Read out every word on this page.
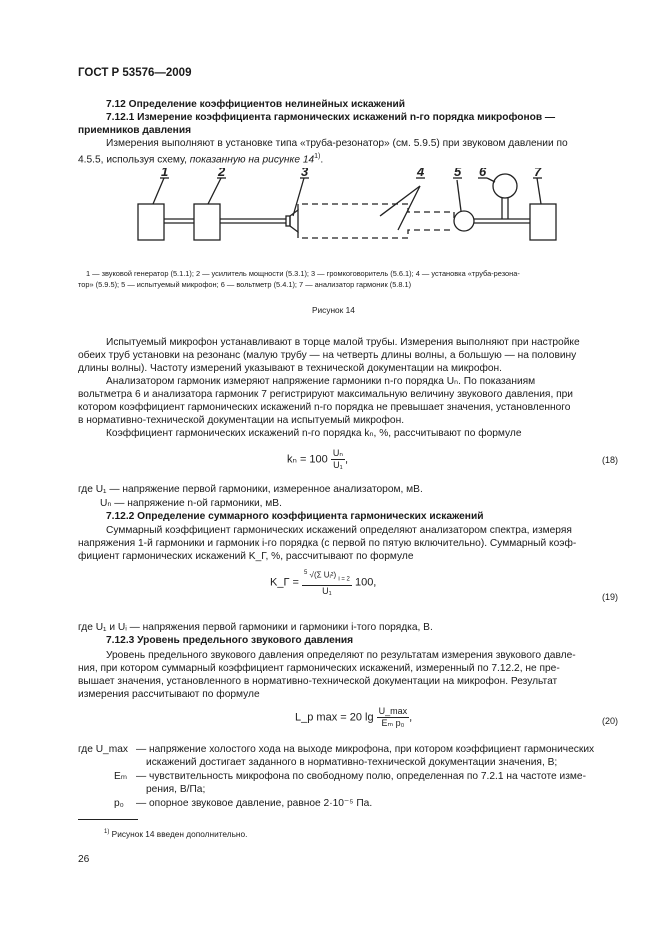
ГОСТ Р 53576—2009
7.12 Определение коэффициентов нелинейных искажений
7.12.1 Измерение коэффициента гармонических искажений n-го порядка микрофонов —
приемников давления
Измерения выполняют в установке типа «труба-резонатор» (см. 5.9.5) при звуковом давлении по
4.5.5, используя схему, показанную на рисунке 14$^{1)}$.
1	2	3	4 5 6	7
1 — звуковой генератор (5.1.1); 2 — усилитель мощности (5.3.1); 3 — громкоговоритель (5.6.1); 4 — установка «труба-резона-
тор» (5.9.5); 5 — испытуемый микрофон; 6 — вольтметр (5.4.1); 7 — анализатор гармоник (5.8.1)
Рисунок 14
Испытуемый микрофон устанавливают в торце малой трубы. Измерения выполняют при настройке
обеих труб установки на резонанс (малую трубу — на четверть длины волны, а большую — на половину
длины волны). Частоту измерений указывают в технической документации на микрофон.
Анализатором гармоник измеряют напряжение гармоники n-го порядка Uₙ. По показаниям
вольтметра 6 и анализатора гармоник 7 регистрируют максимальную величину звукового давления, при
котором коэффициент гармонических искажений n-го порядка не превышает значения, установленного
в нормативно-технической документации на испытуемый микрофон.
Коэффициент гармонических искажений n-го порядка kₙ, %, рассчитывают по формуле
$k_n = 100 \frac{\text{Uₙ}}{\text{U₁}}$ ,	(18)
где U₁ — напряжение первой гармоники, измеренное анализатором, мВ.
Uₙ — напряжение n-ой гармоники, мВ.
7.12.2 Определение суммарного коэффициента гармонических искажений
Суммарный коэффициент гармонических искажений определяют анализатором спектра, измеряя
напряжения 1-й гармоники и гармоник i-го порядка (с первой по пятую включительно). Суммарный коэф-
фициент гармонических искажений K_Г, %, рассчитывают по формуле
K_Г = $\frac{^5 √(\Sigma Uᵢ^2) _{i = 2}}{\text{U₁}} 100$,
(19)
где U₁ и Uᵢ — напряжения первой гармоники и гармоники i-того порядка, В.
7.12.3 Уровень предельного звукового давления
Уровень предельного звукового давления определяют по результатам измерения звукового давле-
ния, при котором суммарный коэффициент гармонических искажений, измеренный по 7.12.2, не пре-
вышает значения, установленного в нормативно-технической документации на микрофон. Результат
измерения рассчитывают по формуле
L_p max = 20 lg
U_max
Eₘ p₀ ,	(20)
где U_max — напряжение холостого хода на выходе микрофона, при котором коэффициент гармонических
искажений достигает заданного в нормативно-технической документации значения, В;
Eₘ — чувствительность микрофона по свободному полю, определенная по 7.2.1 на частоте изме-
рения, В/Па;
p₀ — опорное звуковое давление, равное 2·10⁻⁵ Па.
$^{1)}$ Рисунок 14 введен дополнительно.
26
